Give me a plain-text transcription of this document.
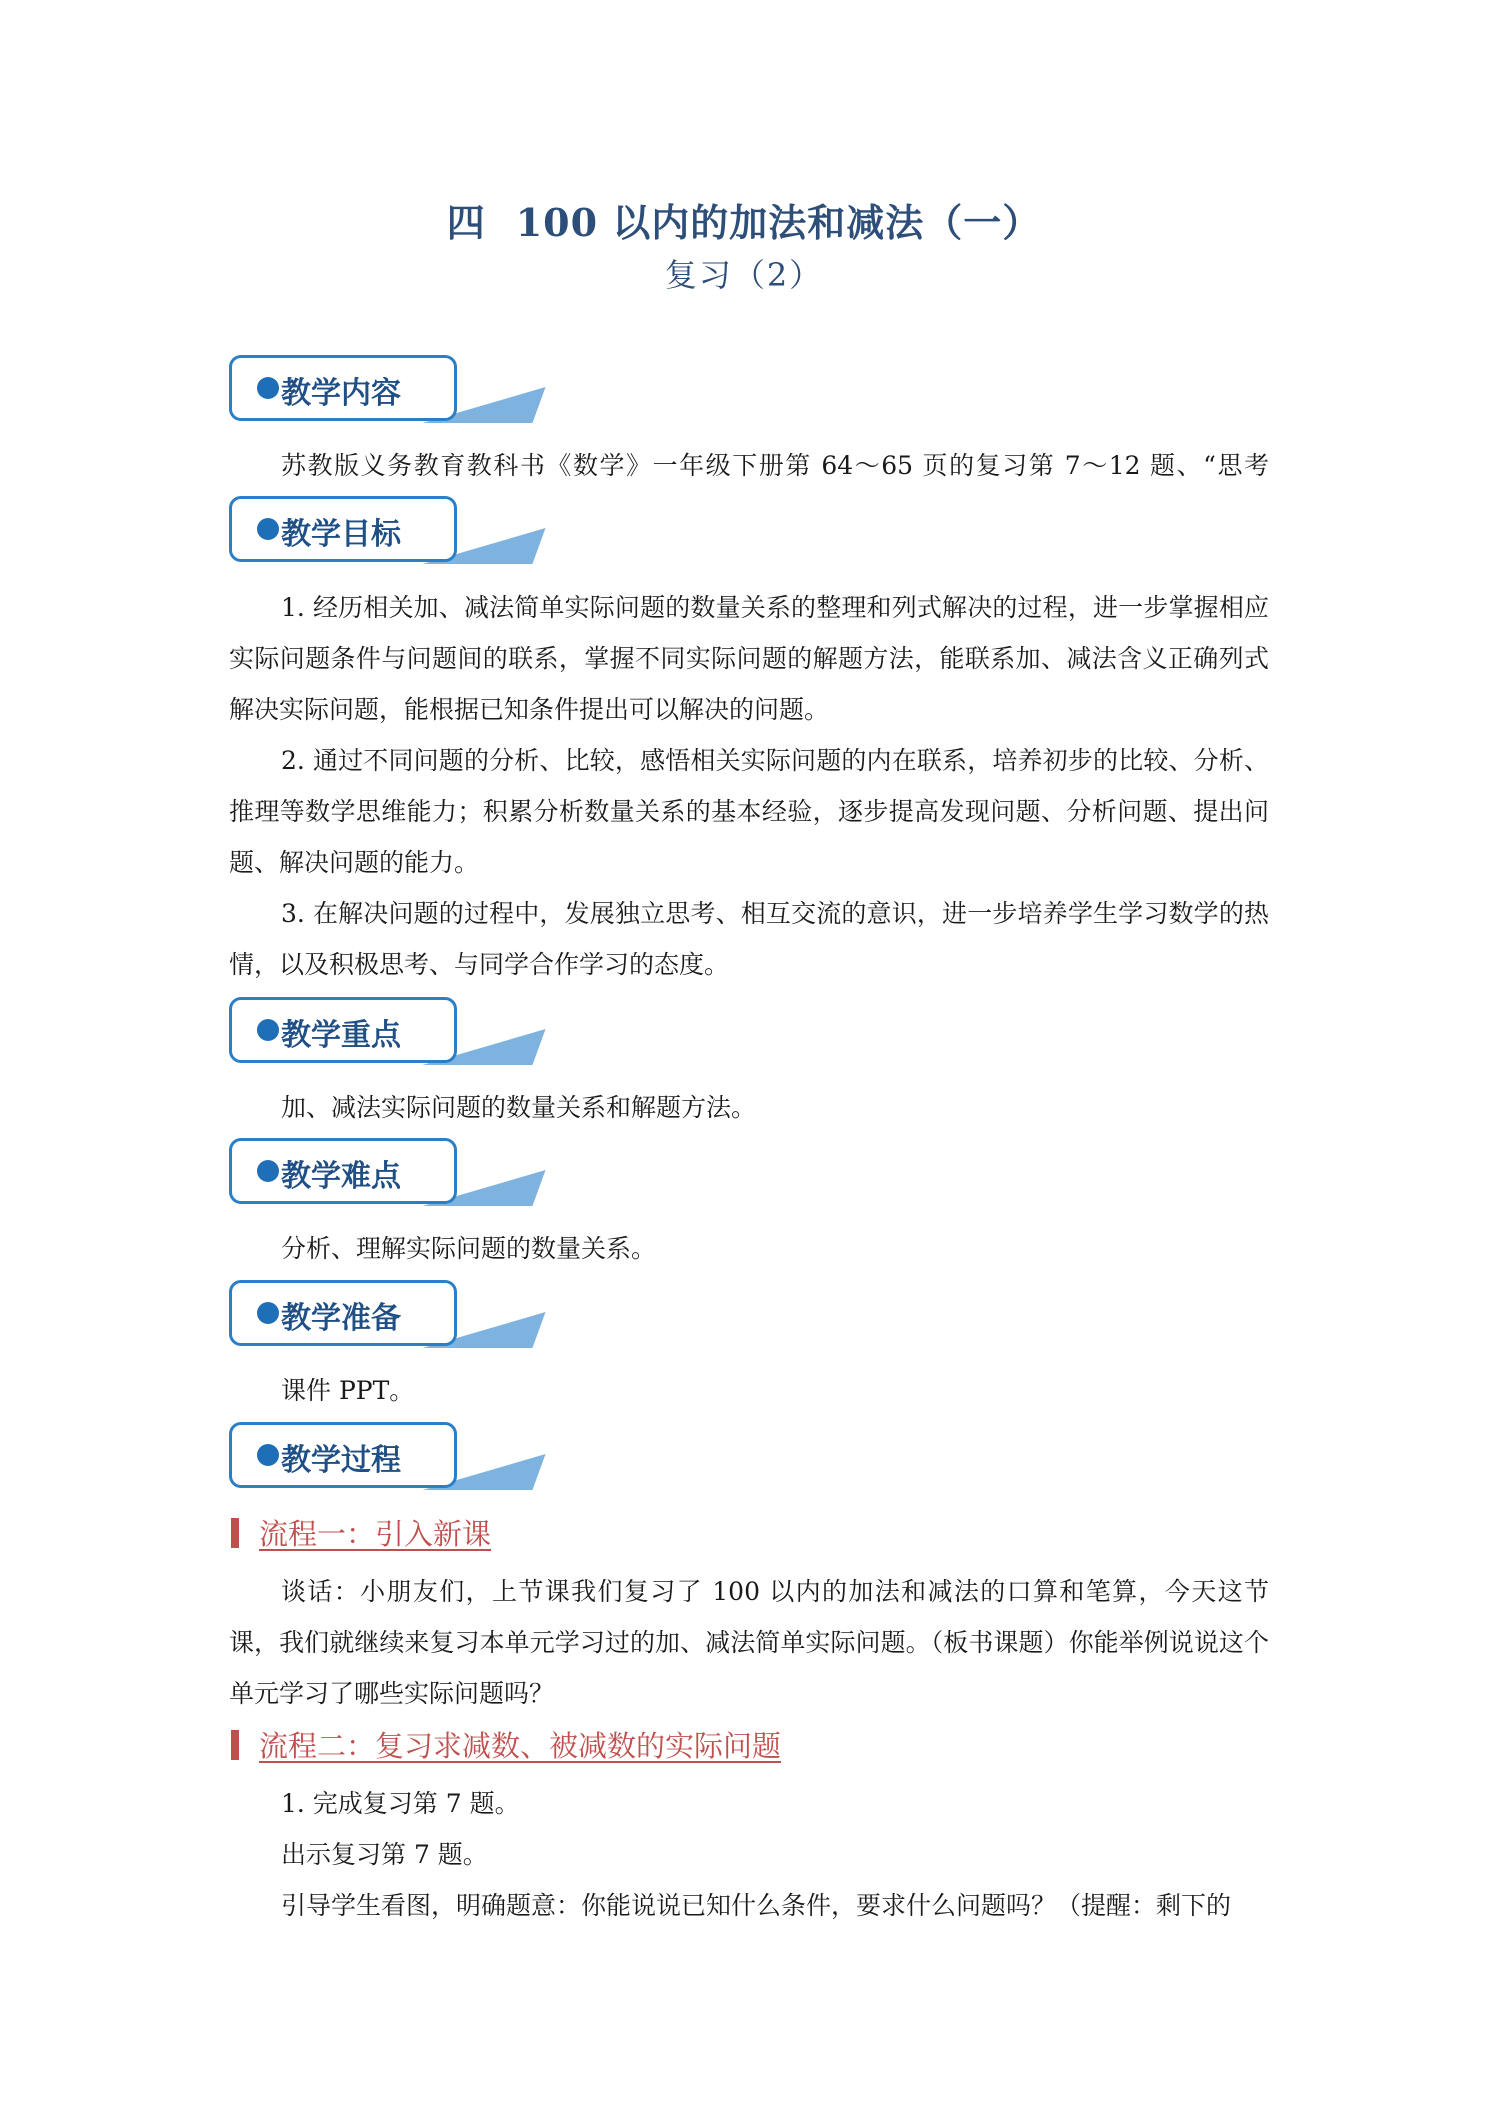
四 100 以内的加法和减法（一）
复习（2）
教学内容

苏教版义务教育教科书《数学》一年级下册第 64～65 页的复习第 7～12 题、“思考

教学目标

1. 经历相关加、减法简单实际问题的数量关系的整理和列式解决的过程，进一步掌握相应实际问题条件与问题间的联系，掌握不同实际问题的解题方法，能联系加、减法含义正确列式解决实际问题，能根据已知条件提出可以解决的问题。

2. 通过不同问题的分析、比较，感悟相关实际问题的内在联系，培养初步的比较、分析、推理等数学思维能力；积累分析数量关系的基本经验，逐步提高发现问题、分析问题、提出问题、解决问题的能力。

3. 在解决问题的过程中，发展独立思考、相互交流的意识，进一步培养学生学习数学的热情，以及积极思考、与同学合作学习的态度。

教学重点

加、减法实际问题的数量关系和解题方法。

教学难点

分析、理解实际问题的数量关系。

教学准备

课件 PPT。

教学过程
流程一：引入新课

谈话：小朋友们，上节课我们复习了 100 以内的加法和减法的口算和笔算，今天这节课，我们就继续来复习本单元学习过的加、减法简单实际问题。（板书课题）你能举例说说这个单元学习了哪些实际问题吗？

流程二：复习求减数、被减数的实际问题

1. 完成复习第 7 题。

出示复习第 7 题。

引导学生看图，明确题意：你能说说已知什么条件，要求什么问题吗？（提醒：剩下的
